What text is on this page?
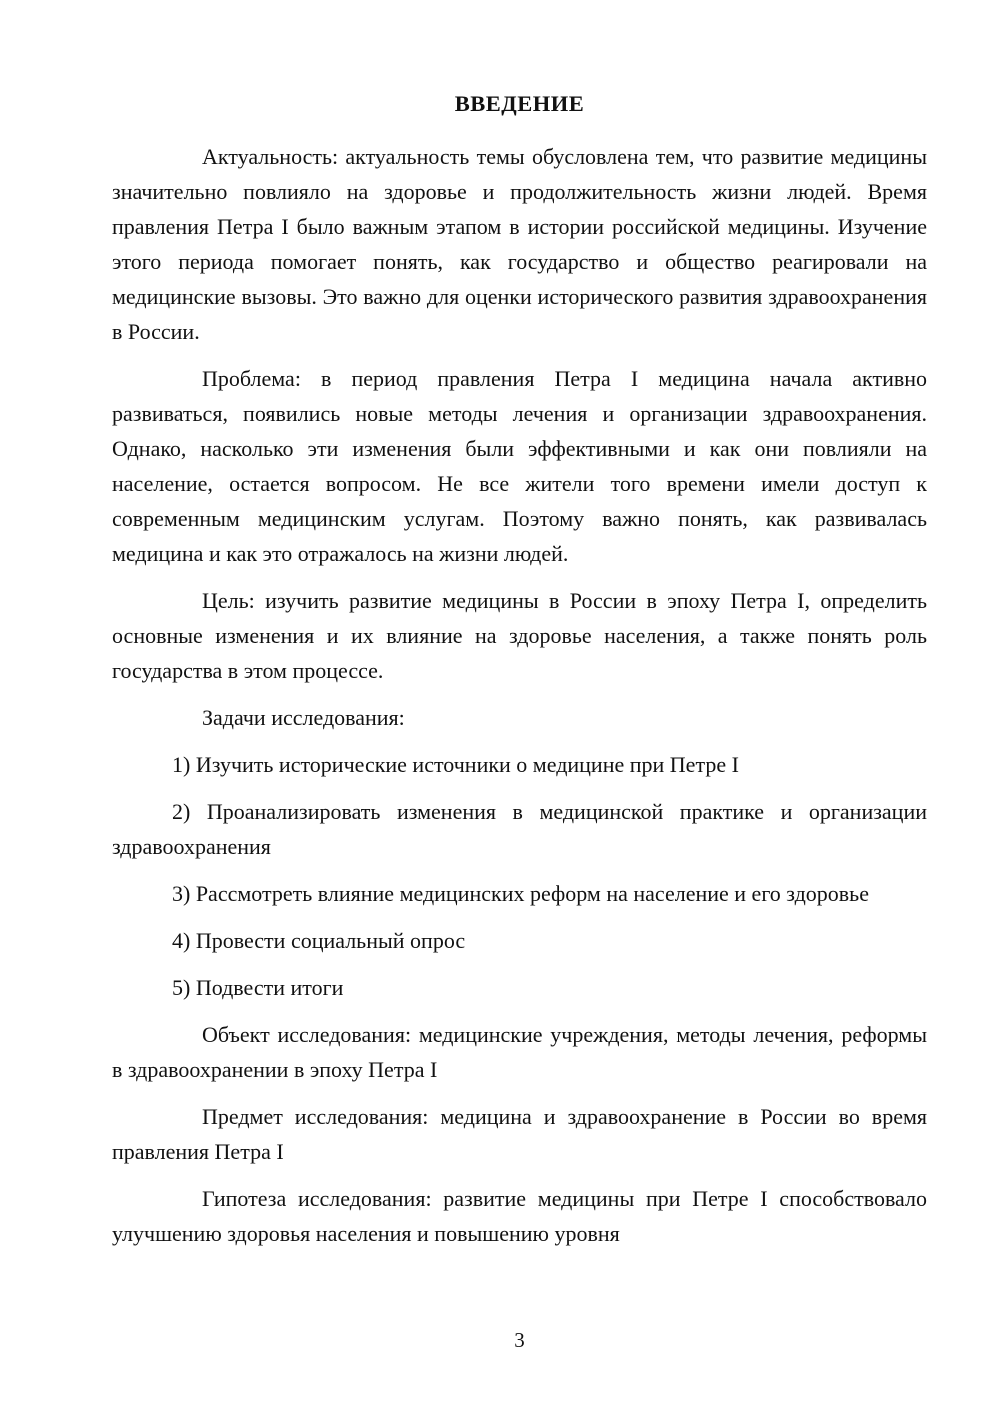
ВВЕДЕНИЕ

Актуальность: актуальность темы обусловлена тем, что развитие медицины значительно повлияло на здоровье и продолжительность жизни людей. Время правления Петра I было важным этапом в истории российской медицины. Изучение этого периода помогает понять, как государство и общество реагировали на медицинские вызовы. Это важно для оценки исторического развития здравоохранения в России.

Проблема: в период правления Петра I медицина начала активно развиваться, появились новые методы лечения и организации здравоохранения. Однако, насколько эти изменения были эффективными и как они повлияли на население, остается вопросом. Не все жители того времени имели доступ к современным медицинским услугам. Поэтому важно понять, как развивалась медицина и как это отражалось на жизни людей.

Цель: изучить развитие медицины в России в эпоху Петра I, определить основные изменения и их влияние на здоровье населения, а также понять роль государства в этом процессе.

Задачи исследования:

1) Изучить исторические источники о медицине при Петре I

2) Проанализировать изменения в медицинской практике и организации здравоохранения

3) Рассмотреть влияние медицинских реформ на население и его здоровье

4) Провести социальный опрос

5) Подвести итоги

Объект исследования: медицинские учреждения, методы лечения, реформы в здравоохранении в эпоху Петра I

Предмет исследования: медицина и здравоохранение в России во время правления Петра I

Гипотеза исследования: развитие медицины при Петре I способствовало улучшению здоровья населения и повышению уровня

3
